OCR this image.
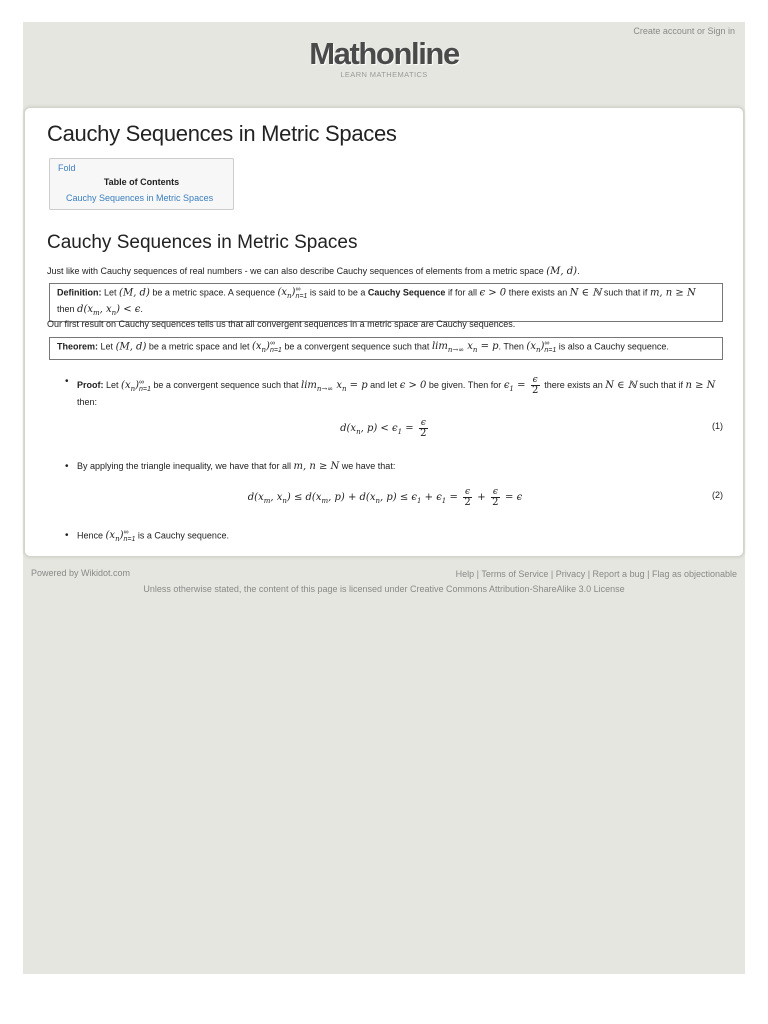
Create account or Sign in
Mathonline
LEARN MATHEMATICS
Cauchy Sequences in Metric Spaces
Fold
Table of Contents
Cauchy Sequences in Metric Spaces
Cauchy Sequences in Metric Spaces
Just like with Cauchy sequences of real numbers - we can also describe Cauchy sequences of elements from a metric space (M, d).
Definition: Let (M, d) be a metric space. A sequence $(x_n)$ ∞
n=1 is said to be a Cauchy Sequence if for all ϵ > 0 there exists an N ∈ ℕ such that if m, n ≥ N then $d(x_m$, $x_n) < \epsilon$.
Our first result on Cauchy sequences tells us that all convergent sequences in a metric space are Cauchy sequences.
Theorem: Let (M, d) be a metric space and let $(x_n)$ ∞
n=1 be a convergent sequence such that $\lim_{n\to\infty} x_n = p$. Then $(x_n)$ ∞
n=1 is also a Cauchy sequence.
• Proof: Let $(x_n)$ ∞
n=1 be a convergent sequence such that $\lim_{n\to\infty} x_n = p$ and let ϵ > 0 be given. Then for $\epsilon_1 = \frac{\epsilon}{2}$ there exists an N ∈ ℕ such that if n ≥ N then:
$d(x_n$, $p) < \epsilon_1 = \frac{\epsilon}{2}$	(1)
• By applying the triangle inequality, we have that for all m, n ≥ N we have that:
$d(x_m$, $x_n) \le d(x_m$, $p) + d(x_n$, $p) \le \epsilon_1 + \epsilon_1 = \frac{\epsilon}{2} + \frac{\epsilon}{2} = \epsilon$	(2)
• Hence $(x_n)$ ∞
n=1 is a Cauchy sequence.
Powered by Wikidot.com	Help | Terms of Service | Privacy | Report a bug | Flag as objectionable
Unless otherwise stated, the content of this page is licensed under Creative Commons Attribution-ShareAlike 3.0 License
